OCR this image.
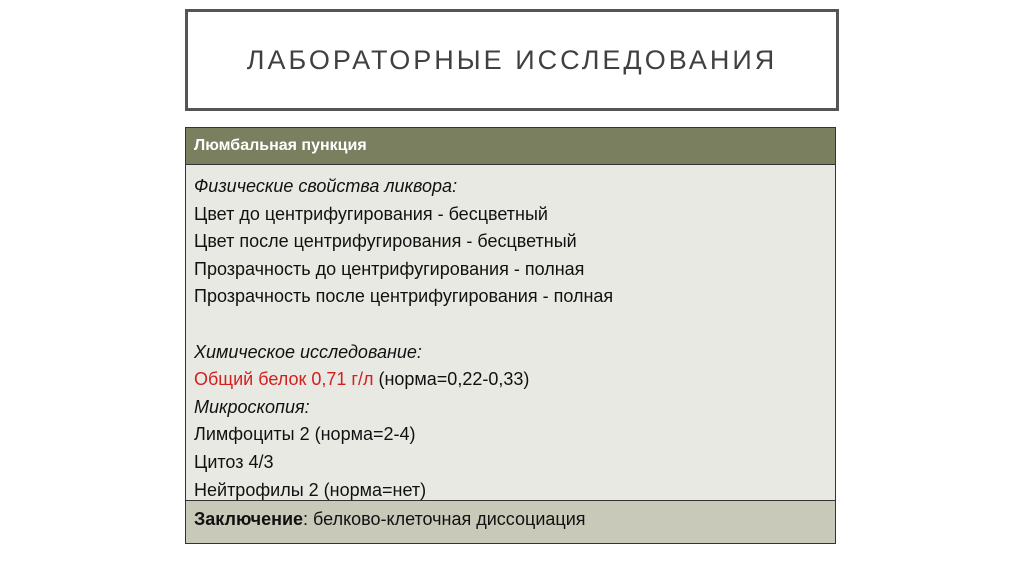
ЛАБОРАТОРНЫЕ ИССЛЕДОВАНИЯ
Люмбальная пункция
Физические свойства ликвора:
Цвет до центрифугирования - бесцветный
Цвет после центрифугирования - бесцветный
Прозрачность до центрифугирования - полная
Прозрачность после центрифугирования - полная
Химическое исследование:
Общий белок 0,71 г/л (норма=0,22-0,33)
Микроскопия:
Лимфоциты 2 (норма=2-4)
Цитоз 4/3
Нейтрофилы 2 (норма=нет)
Заключение: белково-клеточная диссоциация
